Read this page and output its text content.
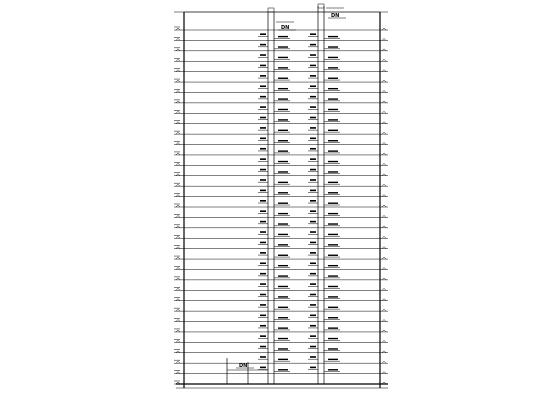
DN
DN
DN
